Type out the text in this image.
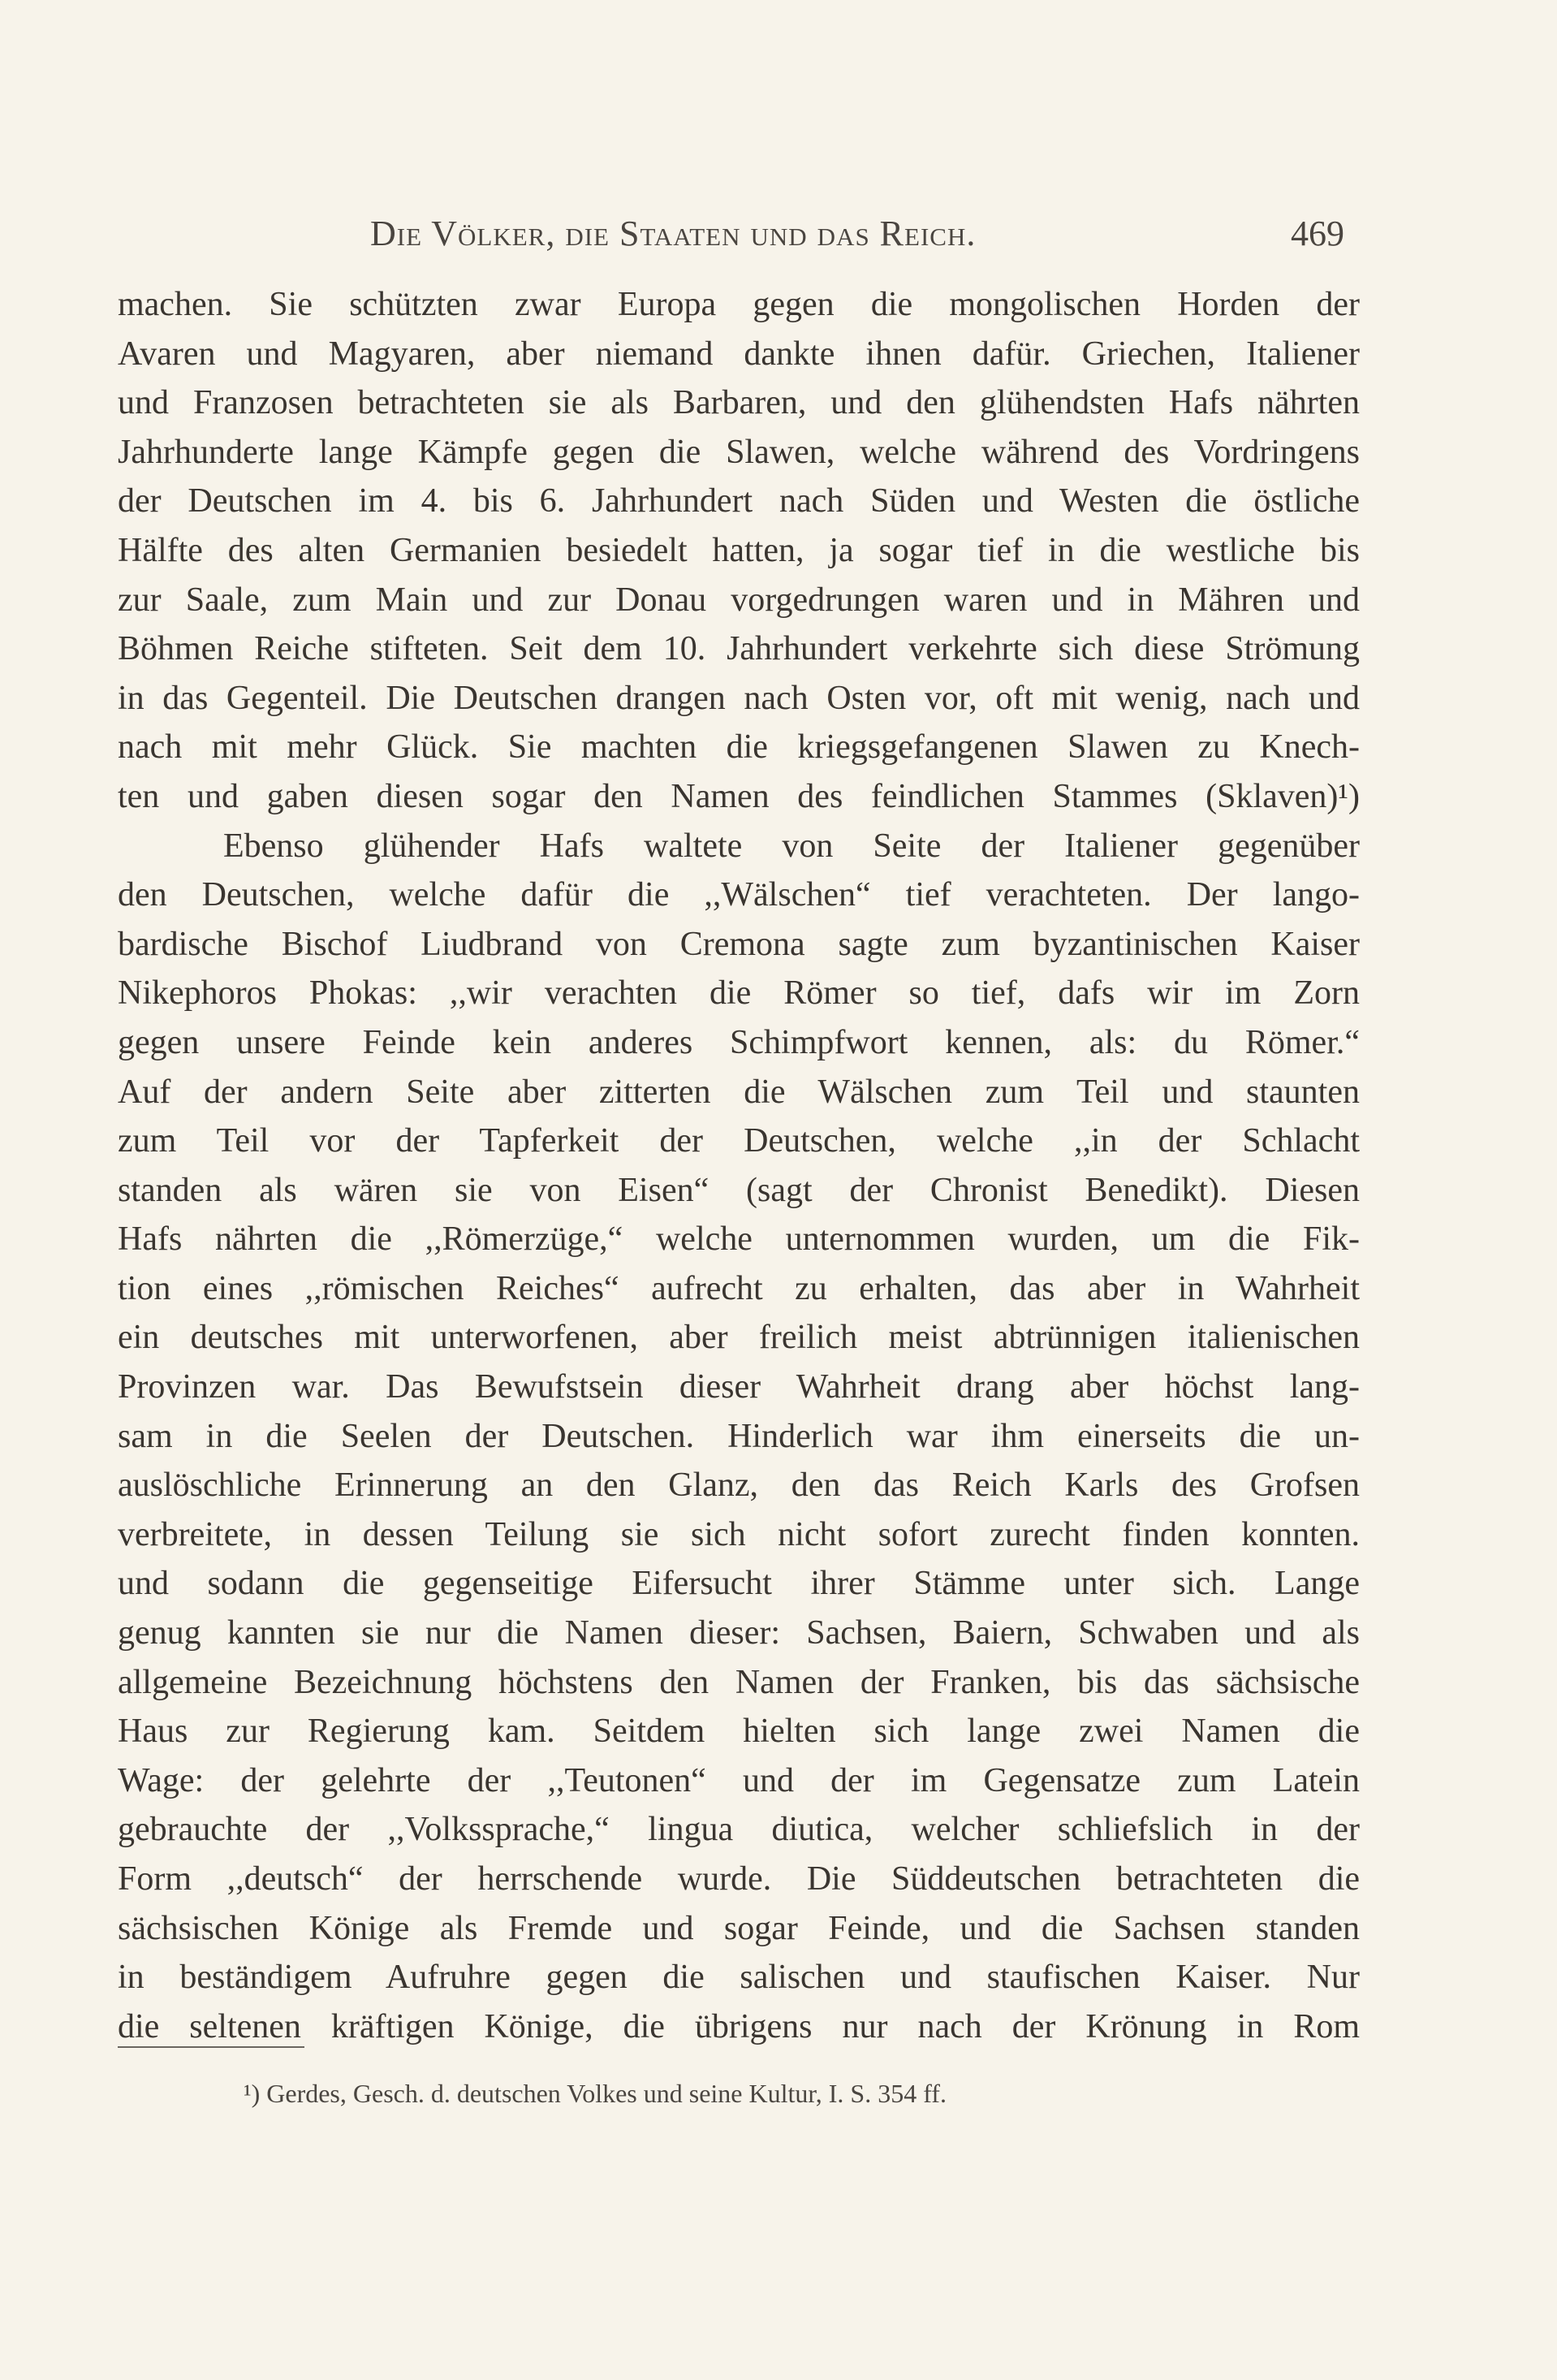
Die Völker, die Staaten und das Reich.	469
machen. Sie schützten zwar Europa gegen die mongolischen Horden der
Avaren und Magyaren, aber niemand dankte ihnen dafür. Griechen, Italiener
und Franzosen betrachteten sie als Barbaren, und den glühendsten Hafs nährten
Jahrhunderte lange Kämpfe gegen die Slawen, welche während des Vordringens
der Deutschen im 4. bis 6. Jahrhundert nach Süden und Westen die östliche
Hälfte des alten Germanien besiedelt hatten, ja sogar tief in die westliche bis
zur Saale, zum Main und zur Donau vorgedrungen waren und in Mähren und
Böhmen Reiche stifteten. Seit dem 10. Jahrhundert verkehrte sich diese Strömung
in das Gegenteil. Die Deutschen drangen nach Osten vor, oft mit wenig, nach und
nach mit mehr Glück. Sie machten die kriegsgefangenen Slawen zu Knech-
ten und gaben diesen sogar den Namen des feindlichen Stammes (Sklaven)¹)
Ebenso glühender Hafs waltete von Seite der Italiener gegenüber
den Deutschen, welche dafür die ,,Wälschen“ tief verachteten. Der lango-
bardische Bischof Liudbrand von Cremona sagte zum byzantinischen Kaiser
Nikephoros Phokas: ,,wir verachten die Römer so tief, dafs wir im Zorn
gegen unsere Feinde kein anderes Schimpfwort kennen, als: du Römer.“
Auf der andern Seite aber zitterten die Wälschen zum Teil und staunten
zum Teil vor der Tapferkeit der Deutschen, welche ,,in der Schlacht
standen als wären sie von Eisen“ (sagt der Chronist Benedikt). Diesen
Hafs nährten die ,,Römerzüge,“ welche unternommen wurden, um die Fik-
tion eines ,,römischen Reiches“ aufrecht zu erhalten, das aber in Wahrheit
ein deutsches mit unterworfenen, aber freilich meist abtrünnigen italienischen
Provinzen war. Das Bewufstsein dieser Wahrheit drang aber höchst lang-
sam in die Seelen der Deutschen. Hinderlich war ihm einerseits die un-
auslöschliche Erinnerung an den Glanz, den das Reich Karls des Grofsen
verbreitete, in dessen Teilung sie sich nicht sofort zurecht finden konnten.
und sodann die gegenseitige Eifersucht ihrer Stämme unter sich. Lange
genug kannten sie nur die Namen dieser: Sachsen, Baiern, Schwaben und als
allgemeine Bezeichnung höchstens den Namen der Franken, bis das sächsische
Haus zur Regierung kam. Seitdem hielten sich lange zwei Namen die
Wage: der gelehrte der ,,Teutonen“ und der im Gegensatze zum Latein
gebrauchte der ,,Volkssprache,“ lingua diutica, welcher schliefslich in der
Form ,,deutsch“ der herrschende wurde. Die Süddeutschen betrachteten die
sächsischen Könige als Fremde und sogar Feinde, und die Sachsen standen
in beständigem Aufruhre gegen die salischen und staufischen Kaiser. Nur
die seltenen kräftigen Könige, die übrigens nur nach der Krönung in Rom
¹) Gerdes, Gesch. d. deutschen Volkes und seine Kultur, I. S. 354 ff.
